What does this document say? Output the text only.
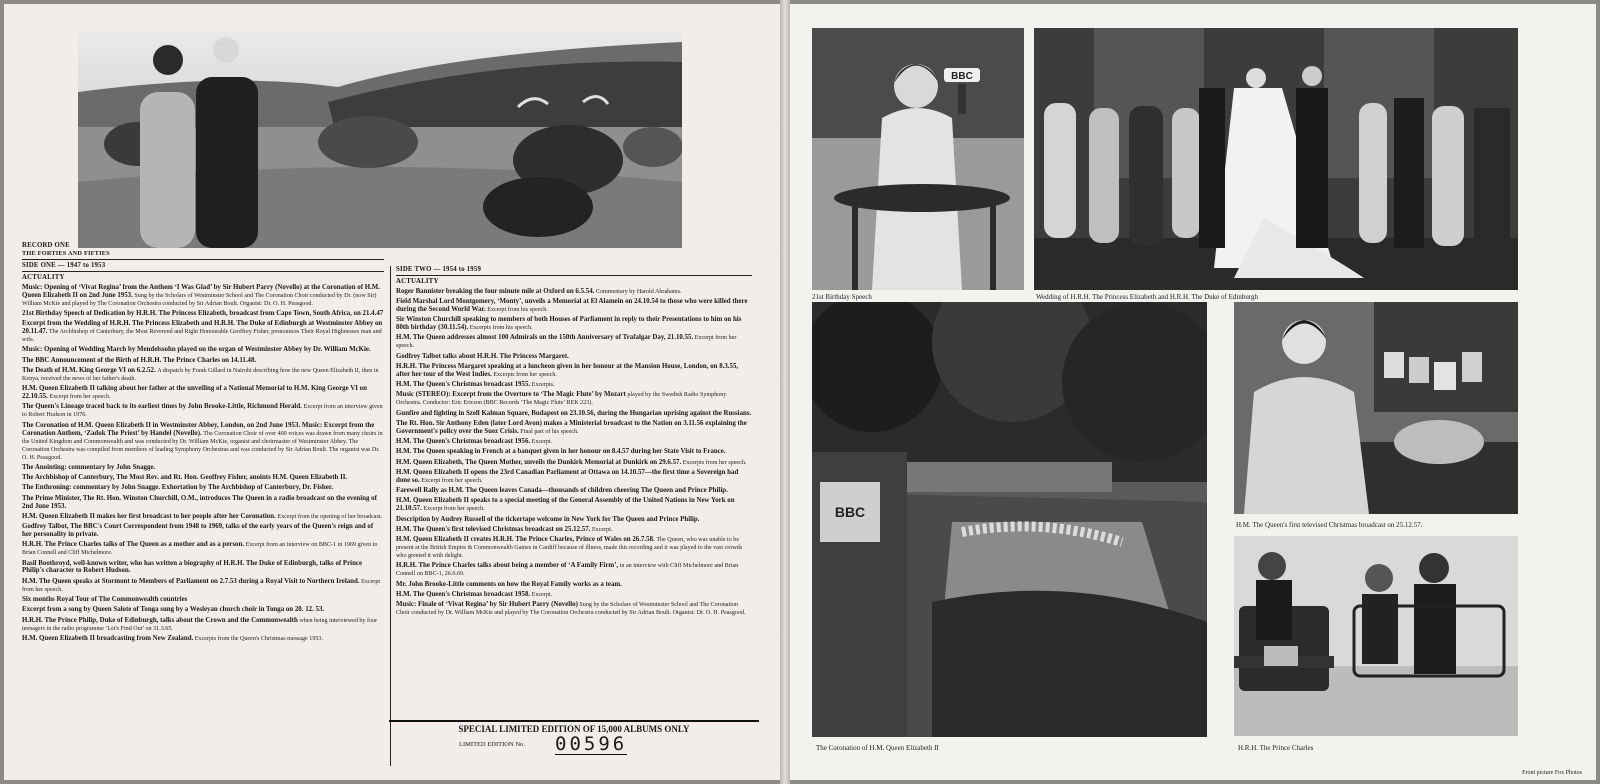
RECORD ONE
THE FORTIES AND FIFTIES
SIDE ONE — 1947 to 1953
ACTUALITY

Music: Opening of ‘Vivat Regina’ from the Anthem ‘I Was Glad’ by Sir Hubert Parry (Novello) at the Coronation of H.M. Queen Elizabeth II on 2nd June 1953. Sung by the Scholars of Westminster School and The Coronation Choir conducted by Dr. (now Sir) William McKie and played by The Coronation Orchestra conducted by Sir Adrian Boult. Organist: Dr. O. H. Peasgood.

21st Birthday Speech of Dedication by H.R.H. The Princess Elizabeth, broadcast from Cape Town, South Africa, on 21.4.47

Excerpt from the Wedding of H.R.H. The Princess Elizabeth and H.R.H. The Duke of Edinburgh at Westminster Abbey on 20.11.47. The Archbishop of Canterbury, the Most Reverend and Right Honourable Geoffrey Fisher, pronounces Their Royal Highnesses man and wife.

Music: Opening of Wedding March by Mendelssohn played on the organ of Westminster Abbey by Dr. William McKie.

The BBC Announcement of the Birth of H.R.H. The Prince Charles on 14.11.48.

The Death of H.M. King George VI on 6.2.52. A dispatch by Frank Gillard in Nairobi describing how the new Queen Elizabeth II, then in Kenya, received the news of her father's death.

H.M. Queen Elizabeth II talking about her father at the unveiling of a National Memorial to H.M. King George VI on 22.10.55. Excerpt from her speech.

The Queen's Lineage traced back to its earliest times by John Brooke-Little, Richmond Herald. Excerpt from an interview given to Robert Hudson in 1976.

The Coronation of H.M. Queen Elizabeth II in Westminster Abbey, London, on 2nd June 1953. Music: Excerpt from the Coronation Anthem, ‘Zadok The Priest’ by Handel (Novello). The Coronation Choir of over 400 voices was drawn from many choirs in the United Kingdom and Commonwealth and was conducted by Dr. William McKie, organist and choirmaster of Westminster Abbey. The Coronation Orchestra was compiled from members of leading Symphony Orchestras and was conducted by Sir Adrian Boult. The organist was Dr. O. H. Peasgood.

The Anointing: commentary by John Snagge.

The Archbishop of Canterbury, The Most Rev. and Rt. Hon. Geoffrey Fisher, anoints H.M. Queen Elizabeth II.

The Enthroning: commentary by John Snagge. Exhortation by The Archbishop of Canterbury, Dr. Fisher.

The Prime Minister, The Rt. Hon. Winston Churchill, O.M., introduces The Queen in a radio broadcast on the evening of 2nd June 1953.

H.M. Queen Elizabeth II makes her first broadcast to her people after her Coronation. Excerpt from the opening of her broadcast.

Godfrey Talbot, The BBC's Court Correspondent from 1948 to 1969, talks of the early years of the Queen's reign and of her personality in private.

H.R.H. The Prince Charles talks of The Queen as a mother and as a person. Excerpt from an interview on BBC-1 in 1969 given to Brian Connell and Cliff Michelmore.

Basil Boothroyd, well-known writer, who has written a biography of H.R.H. The Duke of Edinburgh, talks of Prince Philip's character to Robert Hudson.

H.M. The Queen speaks at Stormont to Members of Parliament on 2.7.53 during a Royal Visit to Northern Ireland. Excerpt from her speech.

Six months Royal Tour of The Commonwealth countries

Excerpt from a song by Queen Salote of Tonga sung by a Wesleyan church choir in Tonga on 20. 12. 53.

H.R.H. The Prince Philip, Duke of Edinburgh, talks about the Crown and the Commonwealth when being interviewed by four teenagers in the radio programme ‘Let's Find Out’ on 31.3.65.

H.M. Queen Elizabeth II broadcasting from New Zealand. Excerpts from the Queen's Christmas message 1953.

SIDE TWO — 1954 to 1959
ACTUALITY

Roger Bannister breaking the four minute mile at Oxford on 6.5.54. Commentary by Harold Abrahams.

Field Marshal Lord Montgomery, ‘Monty’, unveils a Memorial at El Alamein on 24.10.54 to those who were killed there during the Second World War. Excerpt from his speech.

Sir Winston Churchill speaking to members of both Houses of Parliament in reply to their Presentations to him on his 80th birthday (30.11.54). Excerpts from his speech.

H.M. The Queen addresses almost 100 Admirals on the 150th Anniversary of Trafalgar Day, 21.10.55. Excerpt from her speech.

Godfrey Talbot talks about H.R.H. The Princess Margaret.

H.R.H. The Princess Margaret speaking at a luncheon given in her honour at the Mansion House, London, on 8.3.55, after her tour of the West Indies. Excerpts from her speech.

H.M. The Queen's Christmas broadcast 1955. Excerpts.

Music (STEREO): Excerpt from the Overture to ‘The Magic Flute’ by Mozart played by the Swedish Radio Symphony Orchestra. Conductor: Eric Ericson (BBC Records ‘The Magic Flute’ REK 223).

Gunfire and fighting in Szell Kalman Square, Budapest on 23.10.56, during the Hungarian uprising against the Russians.

The Rt. Hon. Sir Anthony Eden (later Lord Avon) makes a Ministerial broadcast to the Nation on 3.11.56 explaining the Government's policy over the Suez Crisis. Final part of his speech.

H.M. The Queen's Christmas broadcast 1956. Excerpt.

H.M. The Queen speaking in French at a banquet given in her honour on 8.4.57 during her State Visit to France.

H.M. Queen Elizabeth, The Queen Mother, unveils the Dunkirk Memorial at Dunkirk on 29.6.57. Excerpts from her speech.

H.M. Queen Elizabeth II opens the 23rd Canadian Parliament at Ottawa on 14.10.57—the first time a Sovereign had done so. Excerpt from her speech.

Farewell Rally as H.M. The Queen leaves Canada—thousands of children cheering The Queen and Prince Philip.

H.M. Queen Elizabeth II speaks to a special meeting of the General Assembly of the United Nations in New York on 21.10.57. Excerpt from her speech.

Description by Audrey Russell of the tickertape welcome in New York for The Queen and Prince Philip.

H.M. The Queen's first televised Christmas broadcast on 25.12.57. Excerpt.

H.M. Queen Elizabeth II creates H.R.H. The Prince Charles, Prince of Wales on 26.7.58. The Queen, who was unable to be present at the British Empire & Commonwealth Games in Cardiff because of illness, made this recording and it was played to the vast crowds who greeted it with delight.

H.R.H. The Prince Charles talks about being a member of ‘A Family Firm’, in an interview with Cliff Michelmore and Brian Connell on BBC-1, 26.6.69.

Mr. John Brooke-Little comments on how the Royal Family works as a team.

H.M. The Queen's Christmas broadcast 1958. Excerpt.

Music: Finale of ‘Vivat Regina’ by Sir Hubert Parry (Novello) Sung by the Scholars of Westminster School and The Coronation Choir conducted by Dr. William McKie and played by The Coronation Orchestra conducted by Sir Adrian Boult. Organist: Dr. O. H. Peasgood.

SPECIAL LIMITED EDITION OF 15,000 ALBUMS ONLY
LIMITED EDITION No. 00596
BBC
21st Birthday Speech	Wedding of H.R.H. The Princess Elizabeth and H.R.H. The Duke of Edinburgh
BBC
The Coronation of H.M. Queen Elizabeth II
H.M. The Queen's first televised Christmas broadcast on 25.12.57.
H.R.H. The Prince Charles
Front picture Fox Photos
